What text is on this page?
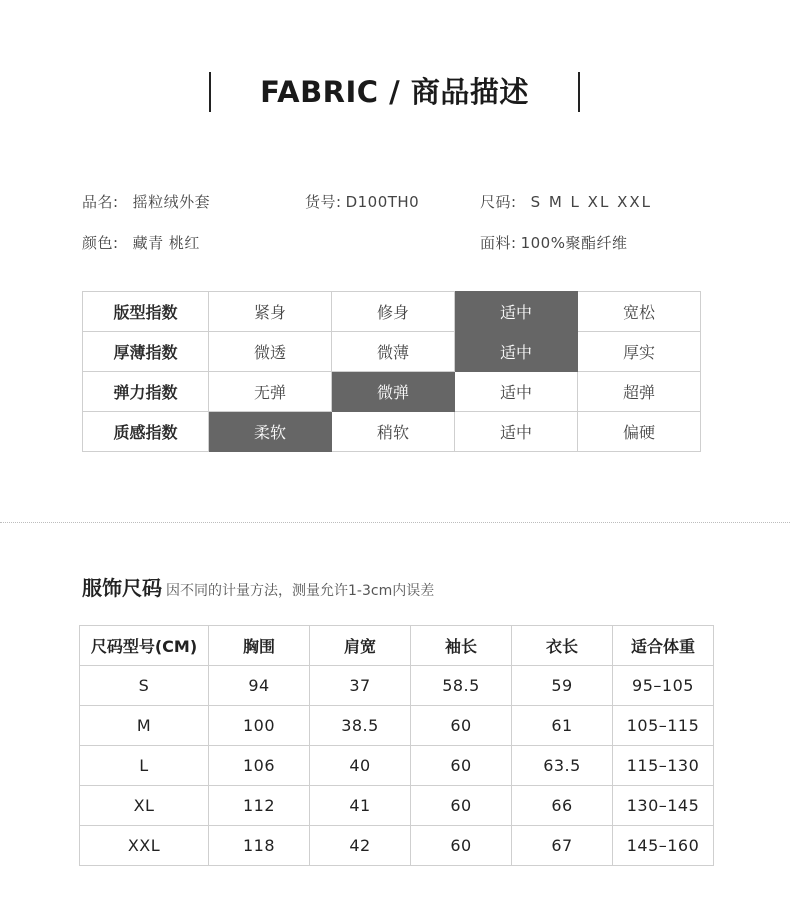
FABRIC / 商品描述
品名: 摇粒绒外套	货号: D100TH0	尺码: S M L XL XXL
颜色: 藏青 桃红	面料: 100%聚酯纤维
版型指数	紧身	修身	适中	宽松
厚薄指数	微透	微薄	适中	厚实
弹力指数	无弹	微弹	适中	超弹
质感指数	柔软	稍软	适中	偏硬
服饰尺码 因不同的计量方法，测量允许1-3cm内误差
尺码型号(CM)	胸围	肩宽	袖长	衣长	适合体重
S	94	37	58.5	59	95–105
M	100	38.5	60	61	105–115
L	106	40	60	63.5	115–130
XL	112	41	60	66	130–145
XXL	118	42	60	67	145–160
